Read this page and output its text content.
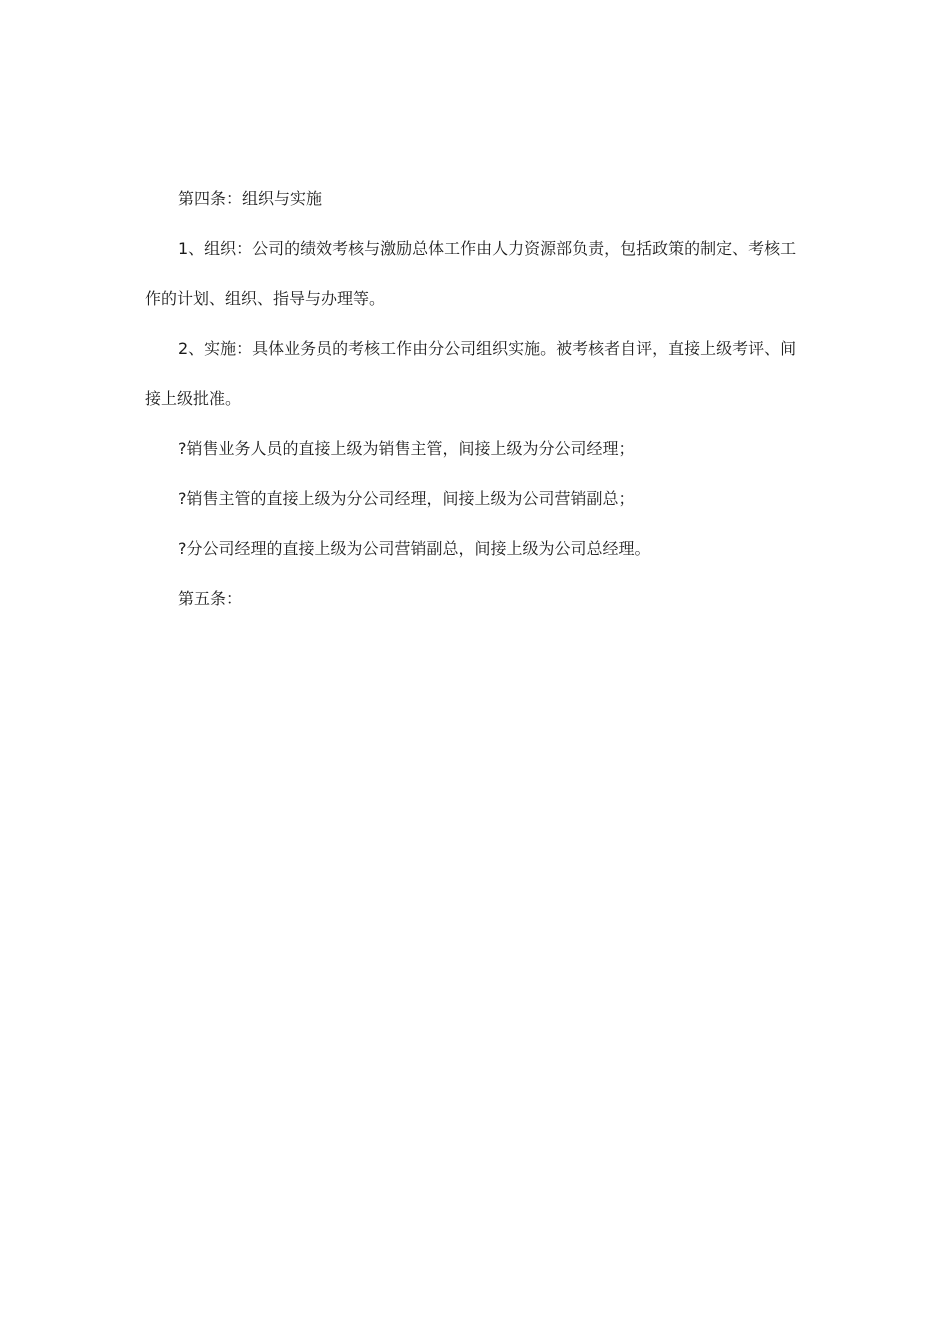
第四条：组织与实施

1、组织：公司的绩效考核与激励总体工作由人力资源部负责，包括政策的制定、考核工作的计划、组织、指导与办理等。

2、实施：具体业务员的考核工作由分公司组织实施。被考核者自评，直接上级考评、间接上级批准。

?销售业务人员的直接上级为销售主管，间接上级为分公司经理；

?销售主管的直接上级为分公司经理，间接上级为公司营销副总；

?分公司经理的直接上级为公司营销副总，间接上级为公司总经理。

第五条：
